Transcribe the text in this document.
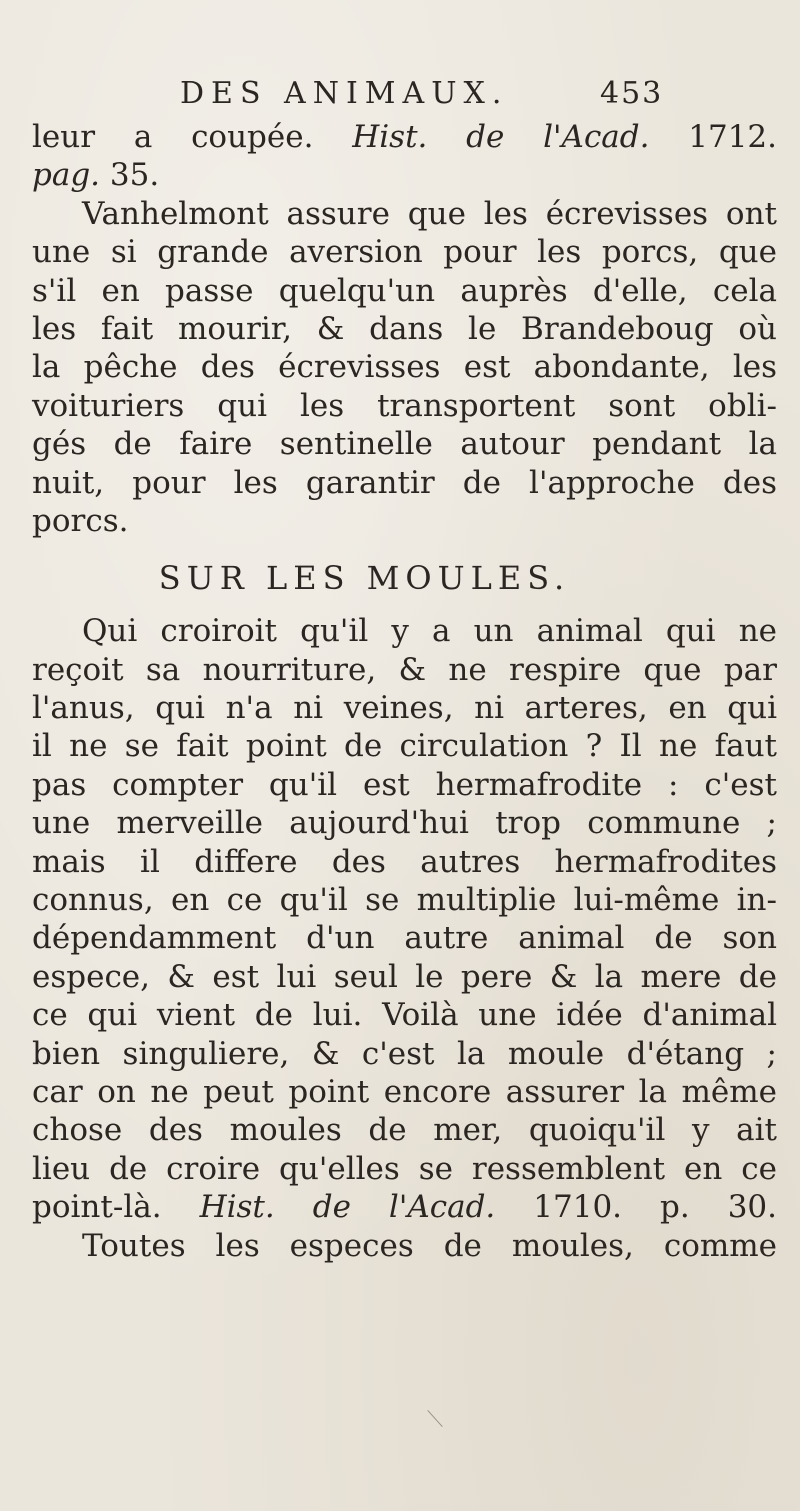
DES ANIMAUX.	453
leur a coupée. Hist. de l'Acad. 1712.
pag. 35.
Vanhelmont assure que les écrevisses ont
une si grande aversion pour les porcs, que
s'il en passe quelqu'un auprès d'elle, cela
les fait mourir, & dans le Brandeboug où
la pêche des écrevisses est abondante, les
voituriers qui les transportent sont obli-
gés de faire sentinelle autour pendant la
nuit, pour les garantir de l'approche des
porcs.
SUR LES MOULES.
Qui croiroit qu'il y a un animal qui ne
reçoit sa nourriture, & ne respire que par
l'anus, qui n'a ni veines, ni arteres, en qui
il ne se fait point de circulation ? Il ne faut
pas compter qu'il est hermafrodite : c'est
une merveille aujourd'hui trop commune ;
mais il differe des autres hermafrodites
connus, en ce qu'il se multiplie lui-même in-
dépendamment d'un autre animal de son
espece, & est lui seul le pere & la mere de
ce qui vient de lui. Voilà une idée d'animal
bien singuliere, & c'est la moule d'étang ;
car on ne peut point encore assurer la même
chose des moules de mer, quoiqu'il y ait
lieu de croire qu'elles se ressemblent en ce
point-là. Hist. de l'Acad. 1710. p. 30.
Toutes les especes de moules, comme
